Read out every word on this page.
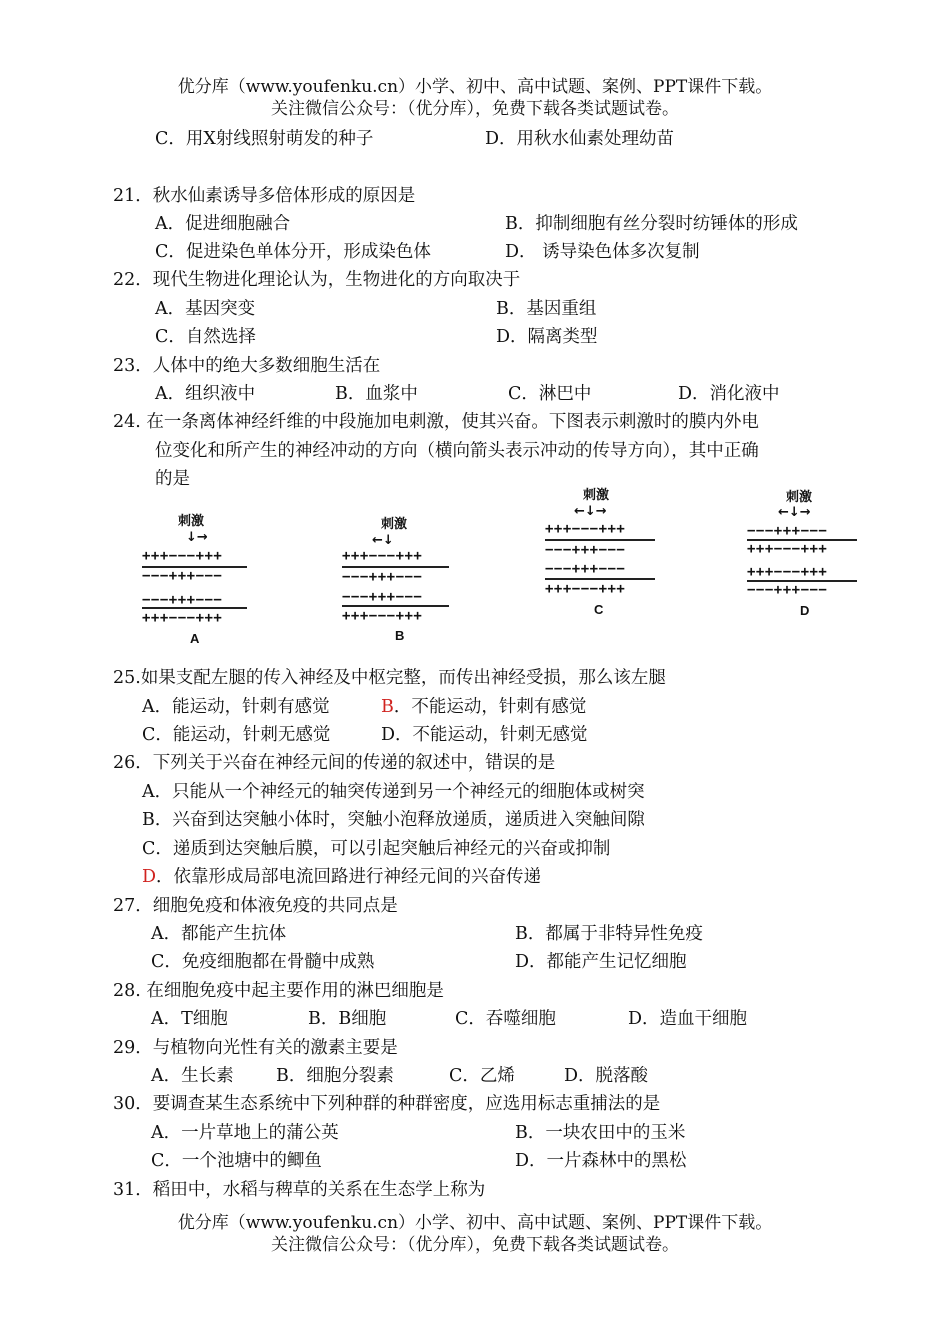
优分库（www.youfenku.cn）小学、初中、高中试题、案例、PPT课件下载。
关注微信公众号：（优分库），免费下载各类试题试卷。
C．用X射线照射萌发的种子	D．用秋水仙素处理幼苗
21．秋水仙素诱导多倍体形成的原因是
A．促进细胞融合	B．抑制细胞有丝分裂时纺锤体的形成
C．促进染色单体分开，形成染色体	D． 诱导染色体多次复制
22．现代生物进化理论认为，生物进化的方向取决于
A．基因突变	B．基因重组
C．自然选择	D．隔离类型
23．人体中的绝大多数细胞生活在
A．组织液中	B．血浆中	C．淋巴中	D．消化液中
24. 在一条离体神经纤维的中段施加电刺激，使其兴奋。下图表示刺激时的膜内外电
位变化和所产生的神经冲动的方向（横向箭头表示冲动的传导方向），其中正确
的是
刺激
↓→
+++−−−+++
−−−+++−−−
−−−+++−−−
+++−−−+++
A
刺激
←↓
+++−−−+++
−−−+++−−−
−−−+++−−−
+++−−−+++
B
刺激
←↓→
+++−−−+++
−−−+++−−−
−−−+++−−−
+++−−−+++
C
刺激
←↓→
−−−+++−−−
+++−−−+++
+++−−−+++
−−−+++−−−
D
25.如果支配左腿的传入神经及中枢完整，而传出神经受损，那么该左腿
A．能运动，针刺有感觉	B．不能运动，针刺有感觉
C．能运动，针刺无感觉	D．不能运动，针刺无感觉
26．下列关于兴奋在神经元间的传递的叙述中，错误的是
A．只能从一个神经元的轴突传递到另一个神经元的细胞体或树突
B．兴奋到达突触小体时，突触小泡释放递质，递质进入突触间隙
C．递质到达突触后膜，可以引起突触后神经元的兴奋或抑制
D．依靠形成局部电流回路进行神经元间的兴奋传递
27．细胞免疫和体液免疫的共同点是
A．都能产生抗体	B．都属于非特异性免疫
C．免疫细胞都在骨髓中成熟	D．都能产生记忆细胞
28. 在细胞免疫中起主要作用的淋巴细胞是
A．T细胞	B．B细胞	C．吞噬细胞	D．造血干细胞
29．与植物向光性有关的激素主要是
A．生长素 B．细胞分裂素	C．乙烯	D．脱落酸
30．要调查某生态系统中下列种群的种群密度，应选用标志重捕法的是
A．一片草地上的蒲公英	B．一块农田中的玉米
C．一个池塘中的鲫鱼	D．一片森林中的黑松
31．稻田中，水稻与稗草的关系在生态学上称为
优分库（www.youfenku.cn）小学、初中、高中试题、案例、PPT课件下载。
关注微信公众号：（优分库），免费下载各类试题试卷。
